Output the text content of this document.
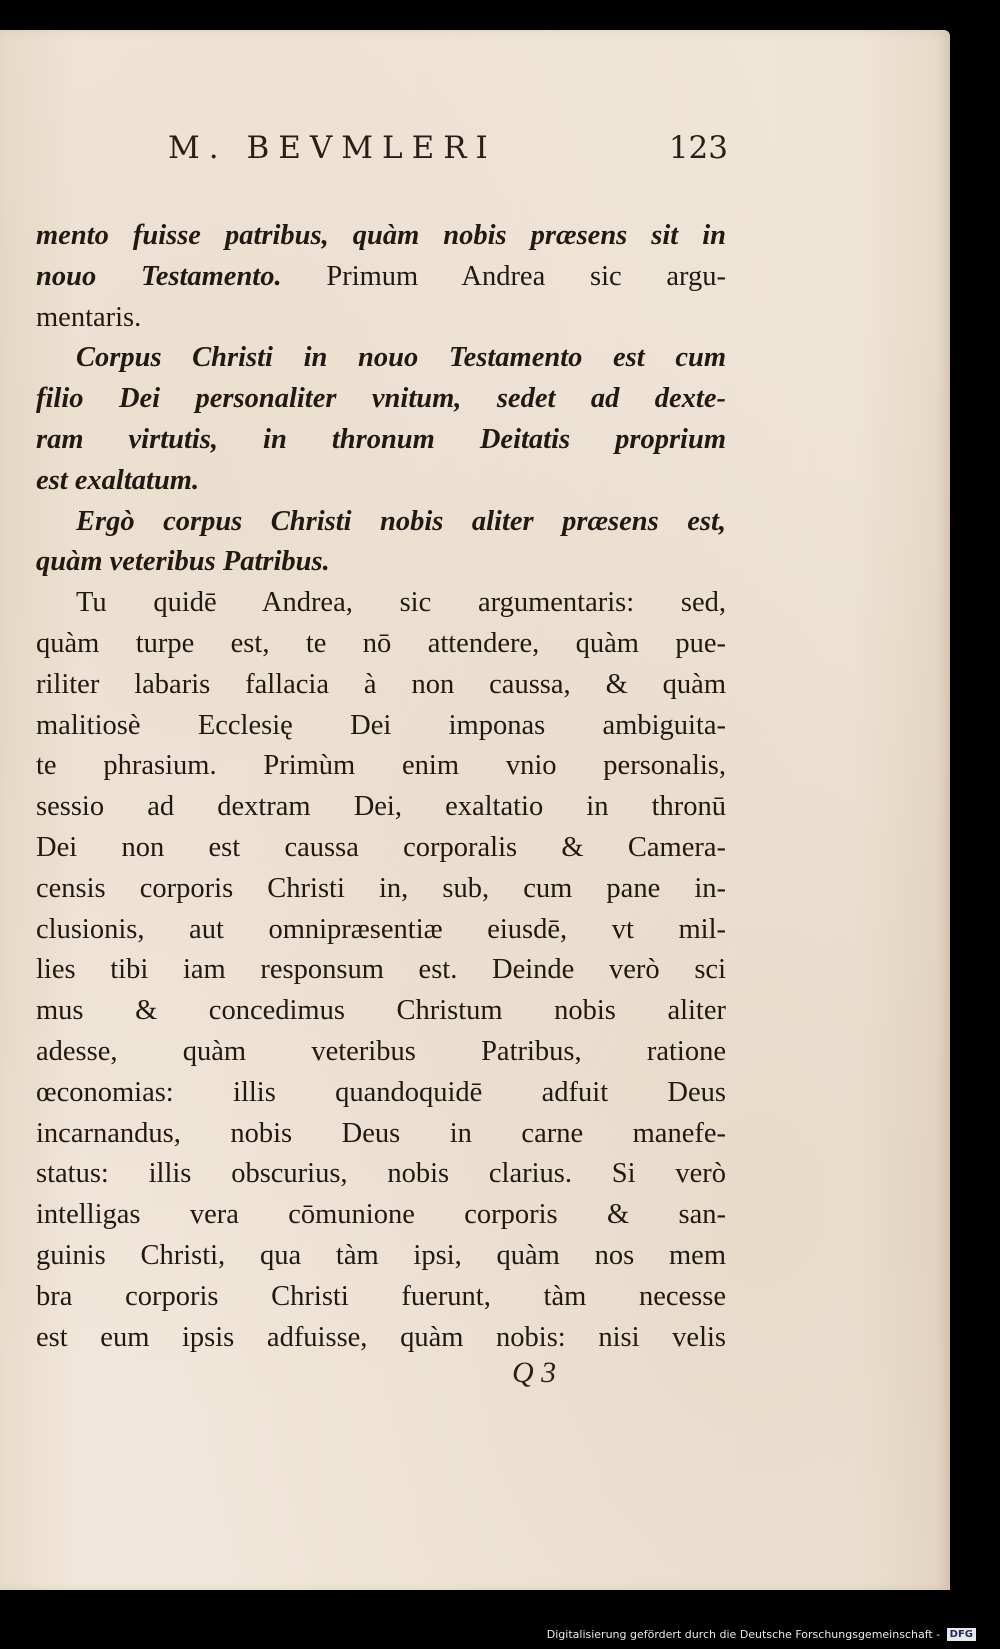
M. BEVMLERI	123
mento fuisse patribus, quàm nobis præsens sit in
nouo Testamento. Primum Andrea sic argu-
mentaris.
Corpus Christi in nouo Testamento est cum
filio Dei personaliter vnitum, sedet ad dexte-
ram virtutis, in thronum Deitatis proprium
est exaltatum.
Ergò corpus Christi nobis aliter præsens est,
quàm veteribus Patribus.
Tu quidē Andrea, sic argumentaris: sed,
quàm turpe est, te nō attendere, quàm pue-
riliter labaris fallacia à non caussa, & quàm
malitiosè Ecclesię Dei imponas ambiguita-
te phrasium. Primùm enim vnio personalis,
sessio ad dextram Dei, exaltatio in thronū
Dei non est caussa corporalis & Camera-
censis corporis Christi in, sub, cum pane in-
clusionis, aut omnipræsentiæ eiusdē, vt mil-
lies tibi iam responsum est. Deinde verò sci
mus & concedimus Christum nobis aliter
adesse, quàm veteribus Patribus, ratione
œconomias: illis quandoquidē adfuit Deus
incarnandus, nobis Deus in carne manefe-
status: illis obscurius, nobis clarius. Si verò
intelligas vera cōmunione corporis & san-
guinis Christi, qua tàm ipsi, quàm nos mem
bra corporis Christi fuerunt, tàm necesse
est eum ipsis adfuisse, quàm nobis: nisi velis
Q 3
Digitalisierung gefördert durch die Deutsche Forschungsgemeinschaft - DFG
